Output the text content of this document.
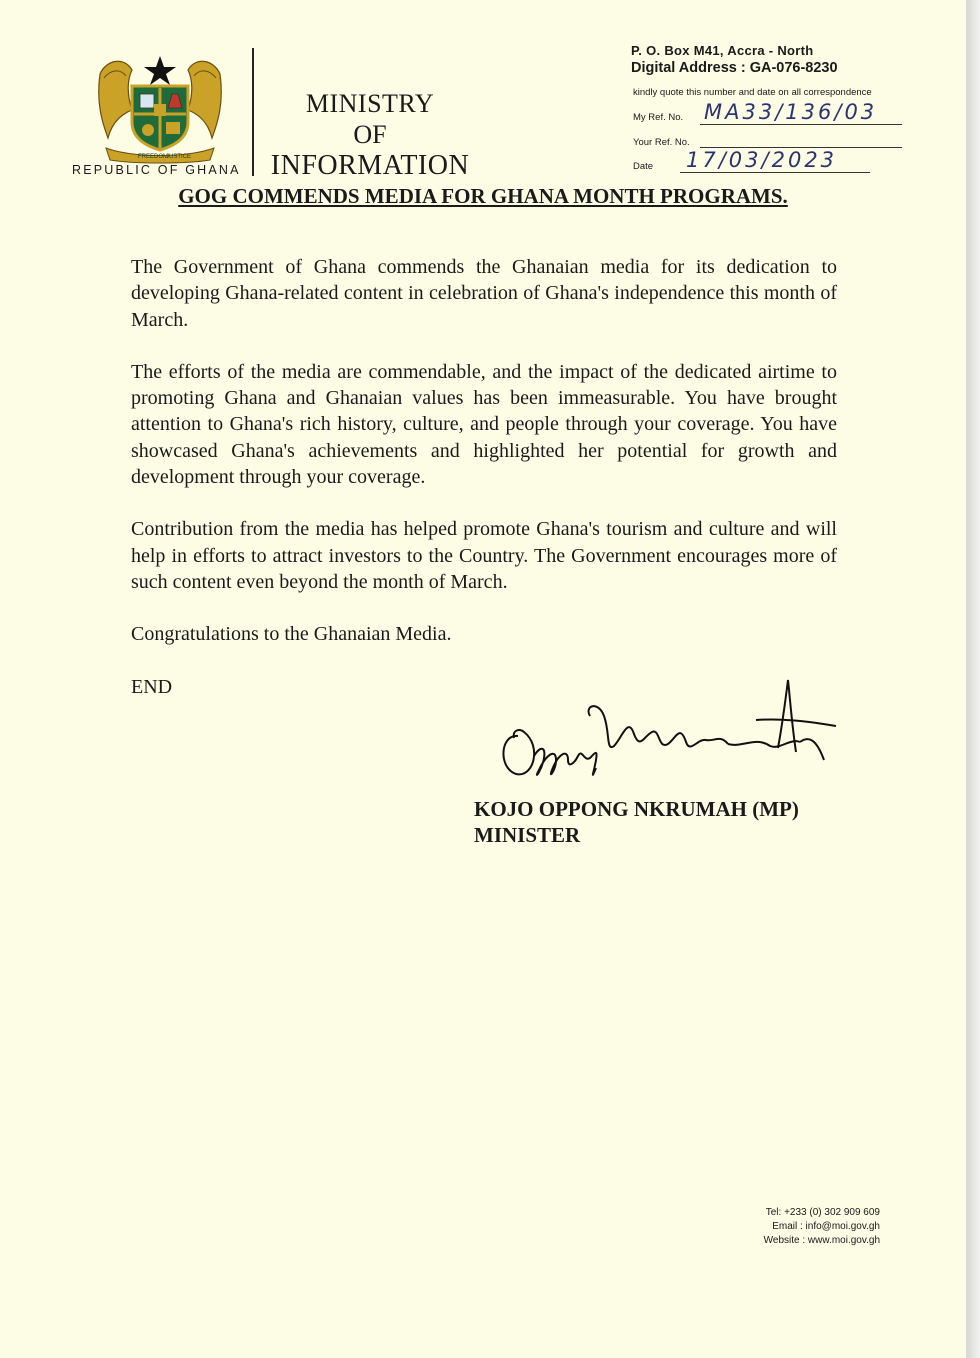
FREEDOM
JUSTICE
REPUBLIC OF GHANA
MINISTRY
OF
INFORMATION
P. O. Box M41, Accra - North
Digital Address : GA-076-8230
kindly quote this number and date on all correspondence
My Ref. No. MA33/136/03
Your Ref. No.
Date 17/03/2023
GOG COMMENDS MEDIA FOR GHANA MONTH PROGRAMS.

The Government of Ghana commends the Ghanaian media for its dedication to developing Ghana-related content in celebration of Ghana's independence this month of March.

The efforts of the media are commendable, and the impact of the dedicated airtime to promoting Ghana and Ghanaian values has been immeasurable. You have brought attention to Ghana's rich history, culture, and people through your coverage. You have showcased Ghana's achievements and highlighted her potential for growth and development through your coverage.

Contribution from the media has helped promote Ghana's tourism and culture and will help in efforts to attract investors to the Country. The Government encourages more of such content even beyond the month of March.

Congratulations to the Ghanaian Media.

END

KOJO OPPONG NKRUMAH (MP)
MINISTER
Tel: +233 (0) 302 909 609
Email : info@moi.gov.gh
Website : www.moi.gov.gh
